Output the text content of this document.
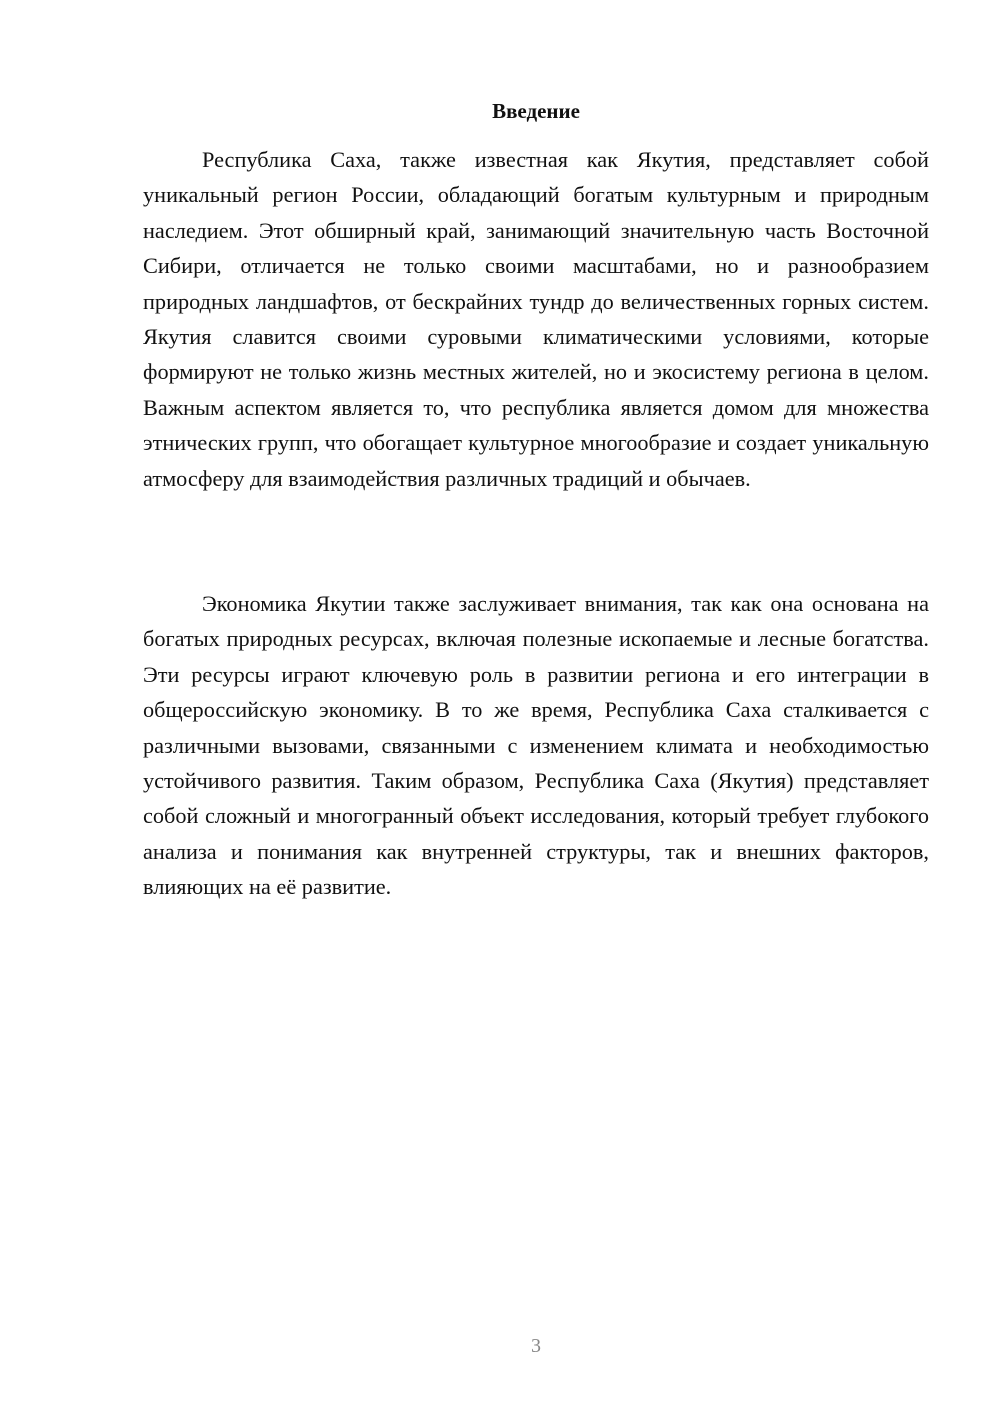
Введение

Республика Саха, также известная как Якутия, представляет собой уникальный регион России, обладающий богатым культурным и природным наследием. Этот обширный край, занимающий значительную часть Восточной Сибири, отличается не только своими масштабами, но и разнообразием природных ландшафтов, от бескрайних тундр до величественных горных систем. Якутия славится своими суровыми климатическими условиями, которые формируют не только жизнь местных жителей, но и экосистему региона в целом. Важным аспектом является то, что республика является домом для множества этнических групп, что обогащает культурное многообразие и создает уникальную атмосферу для взаимодействия различных традиций и обычаев.

Экономика Якутии также заслуживает внимания, так как она основана на богатых природных ресурсах, включая полезные ископаемые и лесные богатства. Эти ресурсы играют ключевую роль в развитии региона и его интеграции в общероссийскую экономику. В то же время, Республика Саха сталкивается с различными вызовами, связанными с изменением климата и необходимостью устойчивого развития. Таким образом, Республика Саха (Якутия) представляет собой сложный и многогранный объект исследования, который требует глубокого анализа и понимания как внутренней структуры, так и внешних факторов, влияющих на её развитие.

3
